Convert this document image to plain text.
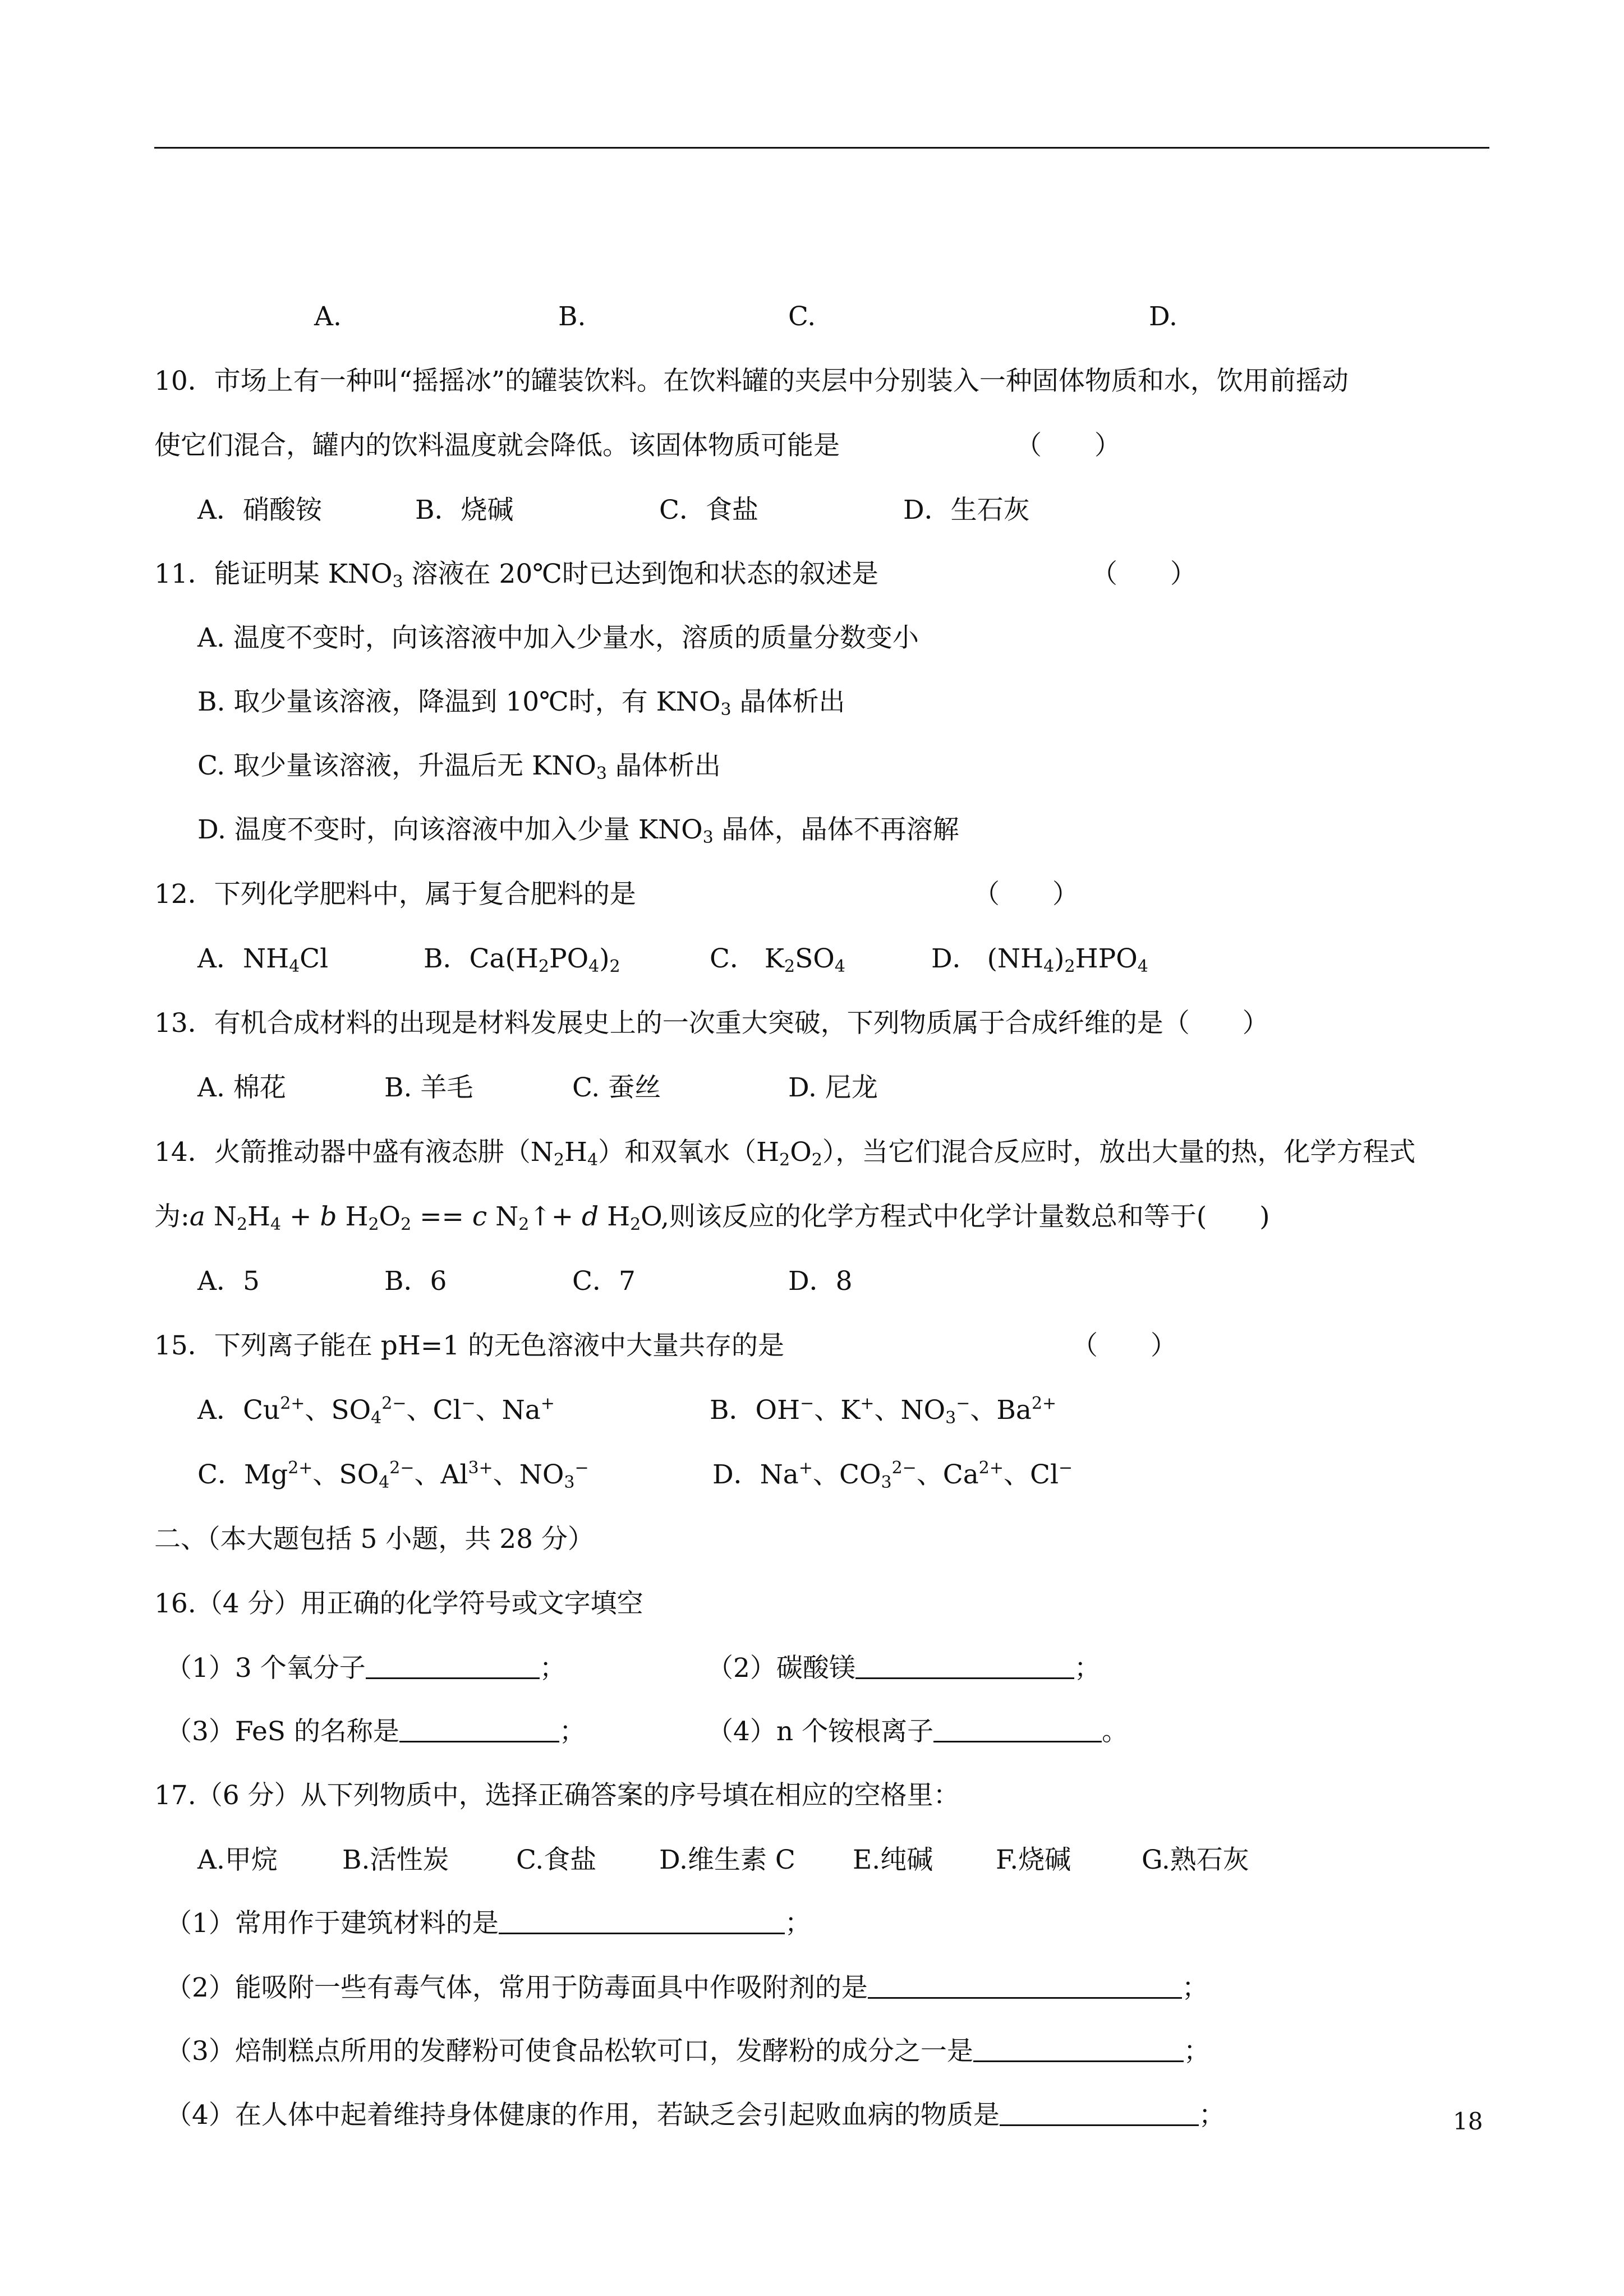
A.	B.	C.	D.
10．市场上有一种叫“摇摇冰”的罐装饮料。在饮料罐的夹层中分别装入一种固体物质和水，饮用前摇动
使它们混合，罐内的饮料温度就会降低。该固体物质可能是	（　　）
A．硝酸铵	B．烧碱	C．食盐	D．生石灰
11．能证明某 $KNO_3$ 溶液在 20℃时已达到饱和状态的叙述是	（　　）
A. 温度不变时，向该溶液中加入少量水，溶质的质量分数变小
B. 取少量该溶液，降温到 10℃时，有 $KNO_3$ 晶体析出
C. 取少量该溶液，升温后无 $KNO_3$ 晶体析出
D. 温度不变时，向该溶液中加入少量 $KNO_3$ 晶体，晶体不再溶解
12．下列化学肥料中，属于复合肥料的是	（　　）
A．$NH_4Cl$	B．$Ca(H_2PO_4)_2$	C． $K_2SO_4$	D． $(NH_4)_2HPO_4$
13．有机合成材料的出现是材料发展史上的一次重大突破，下列物质属于合成纤维的是（　　）
A. 棉花	B. 羊毛	C. 蚕丝	D. 尼龙
14．火箭推动器中盛有液态肼$(N_2H_4)$和双氧水$(H_2O_2)$，当它们混合反应时，放出大量的热，化学方程式
为:a $N_2H_4 + b$ $H_2O_2 == c$ $N_2↑+ d$ $H_2O$,则该反应的化学方程式中化学计量数总和等于(　　)
A．5	B．6	C．7	D．8
15．下列离子能在 pH=1 的无色溶液中大量共存的是	（　　）
A．$Cu^{2+}$、$SO_4^{2-}$、Cl−、Na+	B．OH−、K+、$NO_3^-$、$Ba^{2+}$
C．$Mg^{2+}$、$SO_4^{2-}$、$Al^{3+}$、$NO_3^-$	D．Na+、$CO_3^{2-}$、$Ca^{2+}$、Cl−
二、（本大题包括 5 小题，共 28 分）
16.（4 分）用正确的化学符号或文字填空
（1）3 个氧分子	；	（2）碳酸镁	；
（3）FeS 的名称是	；	（4）n 个铵根离子	。
17.（6 分）从下列物质中，选择正确答案的序号填在相应的空格里：
A.甲烷 B.活性炭	C.食盐 D.维生素 C E.纯碱 F.烧碱	G.熟石灰
（1）常用作于建筑材料的是	；
（2）能吸附一些有毒气体，常用于防毒面具中作吸附剂的是	；
（3）焙制糕点所用的发酵粉可使食品松软可口，发酵粉的成分之一是	；
（4）在人体中起着维持身体健康的作用，若缺乏会引起败血病的物质是	；	18
